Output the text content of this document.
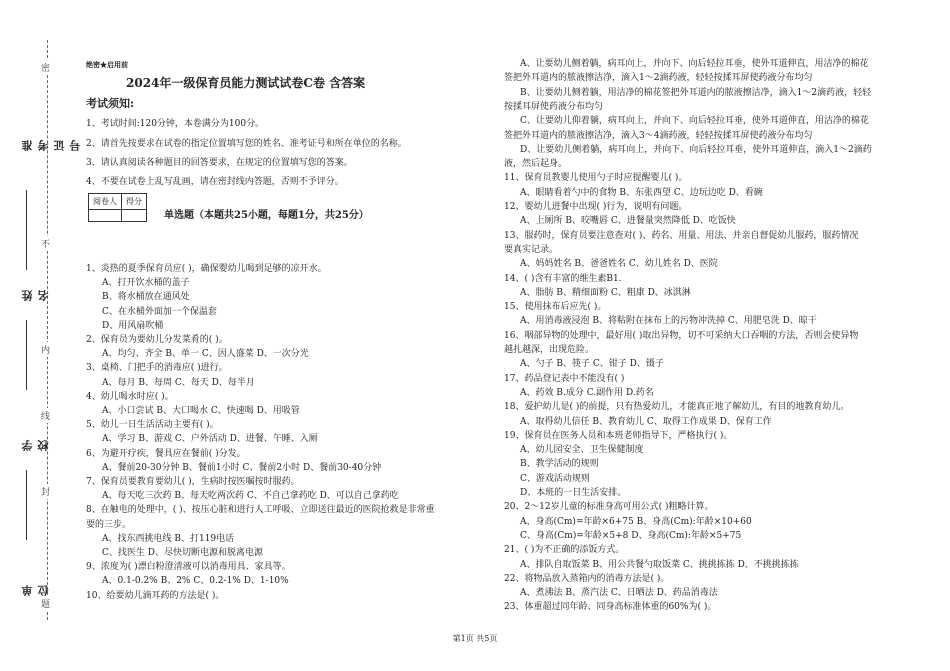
密
不
内
线
封
题
准考证号
姓名
学校
单位
绝密★启用前
2024年一级保育员能力测试试卷C卷 含答案
考试须知:
1、考试时间:120分钟，本卷满分为100分。
2、请首先按要求在试卷的指定位置填写您的姓名、准考证号和所在单位的名称。
3、请认真阅读各种题目的回答要求，在规定的位置填写您的答案。
4、不要在试卷上乱写乱画，请在密封线内答题，否则不予评分。
阅卷人	得分

单选题（本题共25小题，每题1分，共25分）
1、炎热的夏季保育员应( )，确保婴幼儿喝到足够的凉开水。
A、打开饮水桶的盖子
B、将水桶放在通风处
C、在水桶外面加一个保温套
D、用风扇吹桶
2、保育员为要幼儿分发菜肴的( )。
A、均匀、齐全 B、单一 C、因人盛菜 D、一次分光
3、桌椅、门把手的消毒应( )进行。
A、每月 B、每周 C、每天 D、每半月
4、幼儿喝水时应( )。
A、小口尝试 B、大口喝水 C、快速喝 D、用吸管
5、幼儿一日生活活动主要有( )。
A、学习 B、游戏 C、户外活动 D、进餐、午睡、入厕
6、为避开疗疾，餐具应在餐前( )分发。
A、餐前20-30分钟 B、餐前1小时 C、餐前2小时 D、餐前30-40分钟
7、保育员要教育要幼儿( )，生病时按医嘱按时服药。
A、每天吃三次药 B、每天吃两次药 C、不自己拿药吃 D、可以自己拿药吃
8、在触电的处理中，( )、按压心脏和进行人工呼吸、立即送往最近的医院抢救是非常重
要的三步。
A、找东西挑电线 B、打119电话
C、找医生 D、尽快切断电源和脱离电源
9、浓度为( )漂白粉澄清液可以消毒用具、家具等。
A、0.1-0.2% B、2% C、0.2-1% D、1-10%
10、给要幼儿滴耳药的方法是( )。
A、让要幼儿侧着躺，病耳向上，并向下、向后轻拉耳垂，使外耳道伸直，用洁净的棉花
签把外耳道内的脓液擦洁净，滴入1～2滴药液，轻轻按揉耳屏使药液分布均匀
B、让要幼儿侧着躺，用洁净的棉花签把外耳道内的脓液擦洁净，滴入1～2滴药液，轻轻
按揉耳屏使药液分布均匀
C、让要幼儿仰着躺，病耳向上，并向下、向后轻拉耳垂，使外耳道伸直，用洁净的棉花
签把外耳道内的脓液擦洁净，滴入3～4滴药液，轻轻按揉耳屏使药液分布均匀
D、让要幼儿侧着躺，病耳向上，并向下、向后轻拉耳垂，使外耳道伸直，滴入1～2滴药
液，然后起身。
11、保育员教婴儿使用勺子时应提醒婴儿( )。
A、眼睛看着勺中的食物 B、东张西望 C、边玩边吃 D、看碗
12、婴幼儿进餐中出现( )行为，说明有问题。
A、上厕所 B、咬嘴唇 C、进餐量突然降低 D、吃饭快
13、服药时，保育员要注意查对( )、药名、用量、用法、并亲自督促幼儿服药，服药情况
要真实记录。
A、妈妈姓名 B、爸爸姓名 C、幼儿姓名 D、医院
14、( )含有丰富的维生素B1.
A、脂肪 B、精细面粉 C、粗康 D、冰淇淋
15、使用抹布后应先( )。
A、用消毒液浸泡 B、将粘附在抹布上的污物冲洗掉 C、用肥皂洗 D、晾干
16、咽部异物的处理中，最好用( )取出异物，切不可采纳大口吞咽的方法，否则会使异物
越扎越深，出现危险。
A、勺子 B、筷子 C、钳子 D、镊子
17、药品登记表中不能没有( )
A、药效 B.成分 C.副作用 D.药名
18、爱护幼儿是( )的前提，只有热爱幼儿，才能真正地了解幼儿，有目的地教育幼儿。
A、取得幼儿信任 B、教育幼儿 C、取得工作成果 D、保育工作
19、保育员在医务人员和本班老师指导下，严格执行( )。
A、幼儿园安全、卫生保健制度
B、教学活动的规则
C、游戏活动规则
D、本班的一日生活安排。
20、2～12岁儿童的标准身高可用公式( )粗略计算。
A、身高(Cm)=年龄×6+75 B、身高(Cm):年龄×10+60
C、身高(Cm)=年龄×5+8 D、身高(Cm):年龄×5+75
21、( )为不正确的添饭方式。
A、排队自取饭菜 B、用公共餐勺取饭菜 C、挑挑拣拣 D、不挑挑拣拣
22、将物品放入蒸箱内的消毒方法是( )。
A、煮沸法 B、蒸汽法 C、日晒法 D、药品消毒法
23、体重超过同年龄、同身高标准体重的60%为( )。
第1页 共5页
